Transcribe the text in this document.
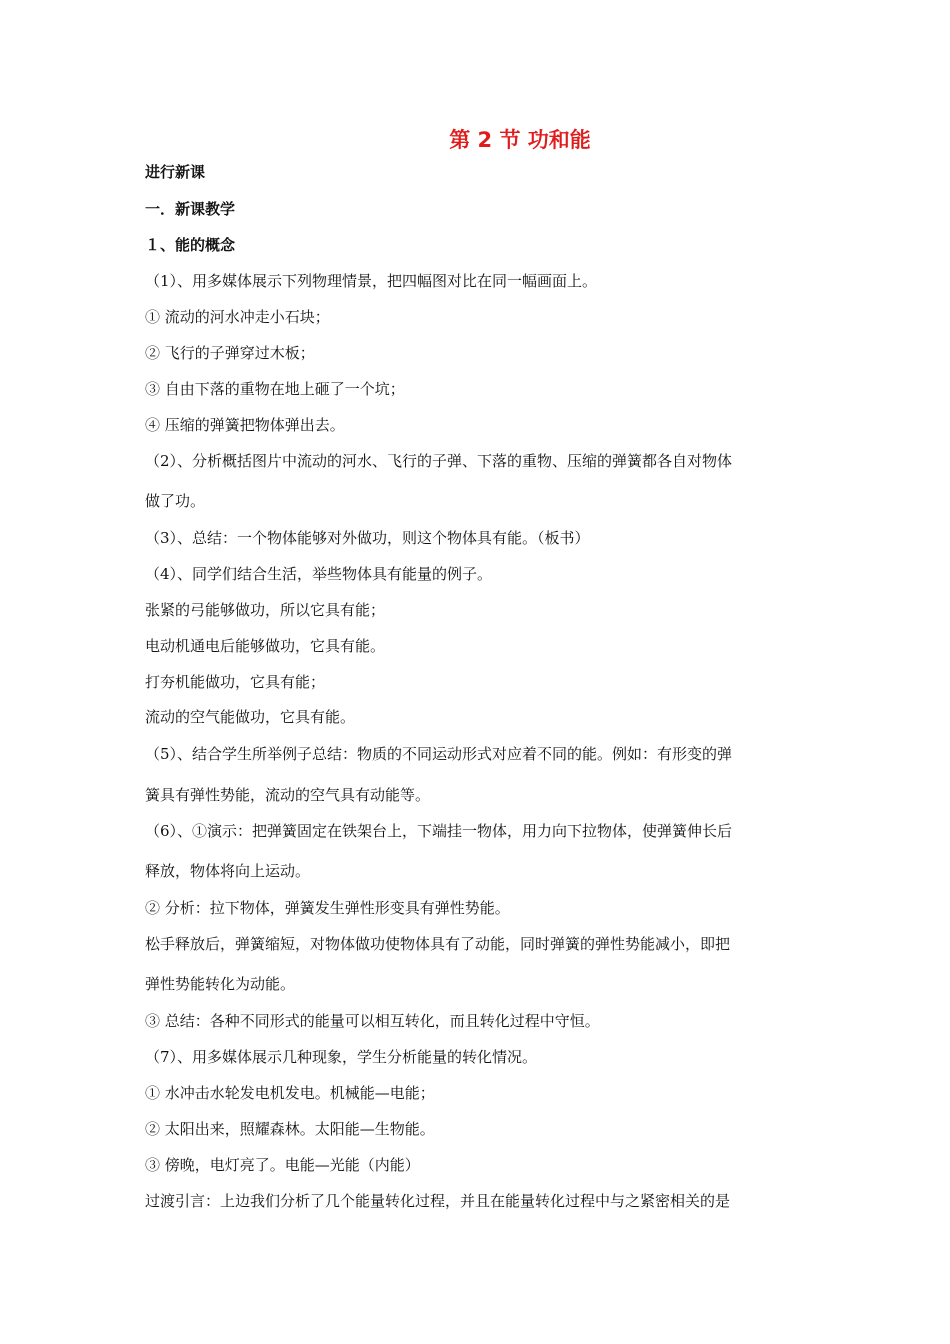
第 2 节 功和能

进行新课

一．新课教学

１、能的概念

（1）、用多媒体展示下列物理情景，把四幅图对比在同一幅画面上。

① 流动的河水冲走小石块；

② 飞行的子弹穿过木板；

③ 自由下落的重物在地上砸了一个坑；

④ 压缩的弹簧把物体弹出去。

（2）、分析概括图片中流动的河水、飞行的子弹、下落的重物、压缩的弹簧都各自对物体

做了功。

（3）、总结：一个物体能够对外做功，则这个物体具有能。（板书）

（4）、同学们结合生活，举些物体具有能量的例子。

张紧的弓能够做功，所以它具有能；

电动机通电后能够做功，它具有能。

打夯机能做功，它具有能；

流动的空气能做功，它具有能。

（5）、结合学生所举例子总结：物质的不同运动形式对应着不同的能。例如：有形变的弹

簧具有弹性势能，流动的空气具有动能等。

（6）、①演示：把弹簧固定在铁架台上，下端挂一物体，用力向下拉物体，使弹簧伸长后

释放，物体将向上运动。

② 分析：拉下物体，弹簧发生弹性形变具有弹性势能。

松手释放后，弹簧缩短，对物体做功使物体具有了动能，同时弹簧的弹性势能减小，即把

弹性势能转化为动能。

③ 总结：各种不同形式的能量可以相互转化，而且转化过程中守恒。

（7）、用多媒体展示几种现象，学生分析能量的转化情况。

① 水冲击水轮发电机发电。机械能—电能；

② 太阳出来，照耀森林。太阳能—生物能。

③ 傍晚，电灯亮了。电能—光能（内能）

过渡引言：上边我们分析了几个能量转化过程，并且在能量转化过程中与之紧密相关的是
